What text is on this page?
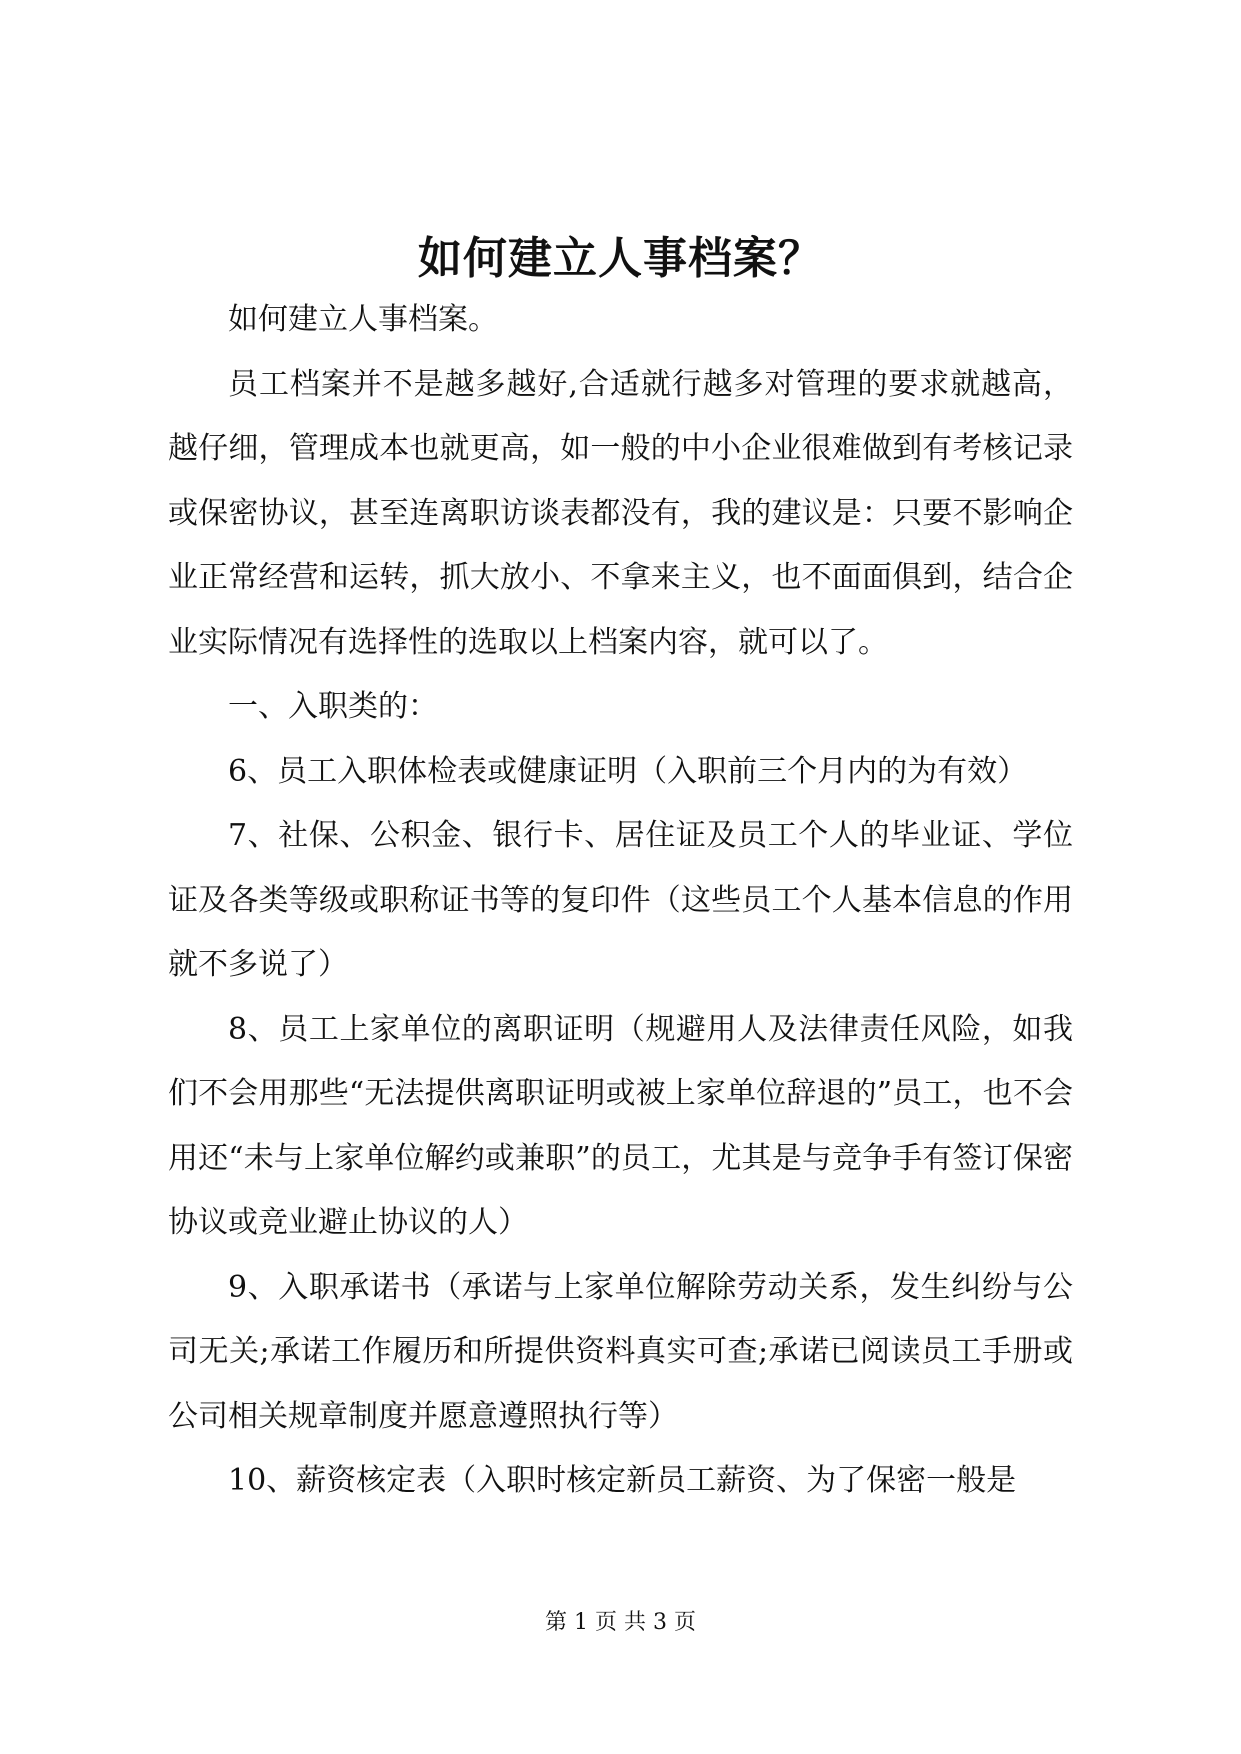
如何建立人事档案？

如何建立人事档案。

员工档案并不是越多越好,合适就行越多对管理的要求就越高，越仔细，管理成本也就更高，如一般的中小企业很难做到有考核记录或保密协议，甚至连离职访谈表都没有，我的建议是：只要不影响企业正常经营和运转，抓大放小、不拿来主义，也不面面俱到，结合企业实际情况有选择性的选取以上档案内容，就可以了。

一、入职类的：

6、员工入职体检表或健康证明（入职前三个月内的为有效）

7、社保、公积金、银行卡、居住证及员工个人的毕业证、学位证及各类等级或职称证书等的复印件（这些员工个人基本信息的作用就不多说了）

8、员工上家单位的离职证明（规避用人及法律责任风险，如我们不会用那些“无法提供离职证明或被上家单位辞退的”员工，也不会用还“未与上家单位解约或兼职”的员工，尤其是与竞争手有签订保密协议或竞业避止协议的人）

9、入职承诺书（承诺与上家单位解除劳动关系，发生纠纷与公司无关;承诺工作履历和所提供资料真实可查;承诺已阅读员工手册或公司相关规章制度并愿意遵照执行等）

10、薪资核定表（入职时核定新员工薪资、为了保密一般是

第 1 页 共 3 页
